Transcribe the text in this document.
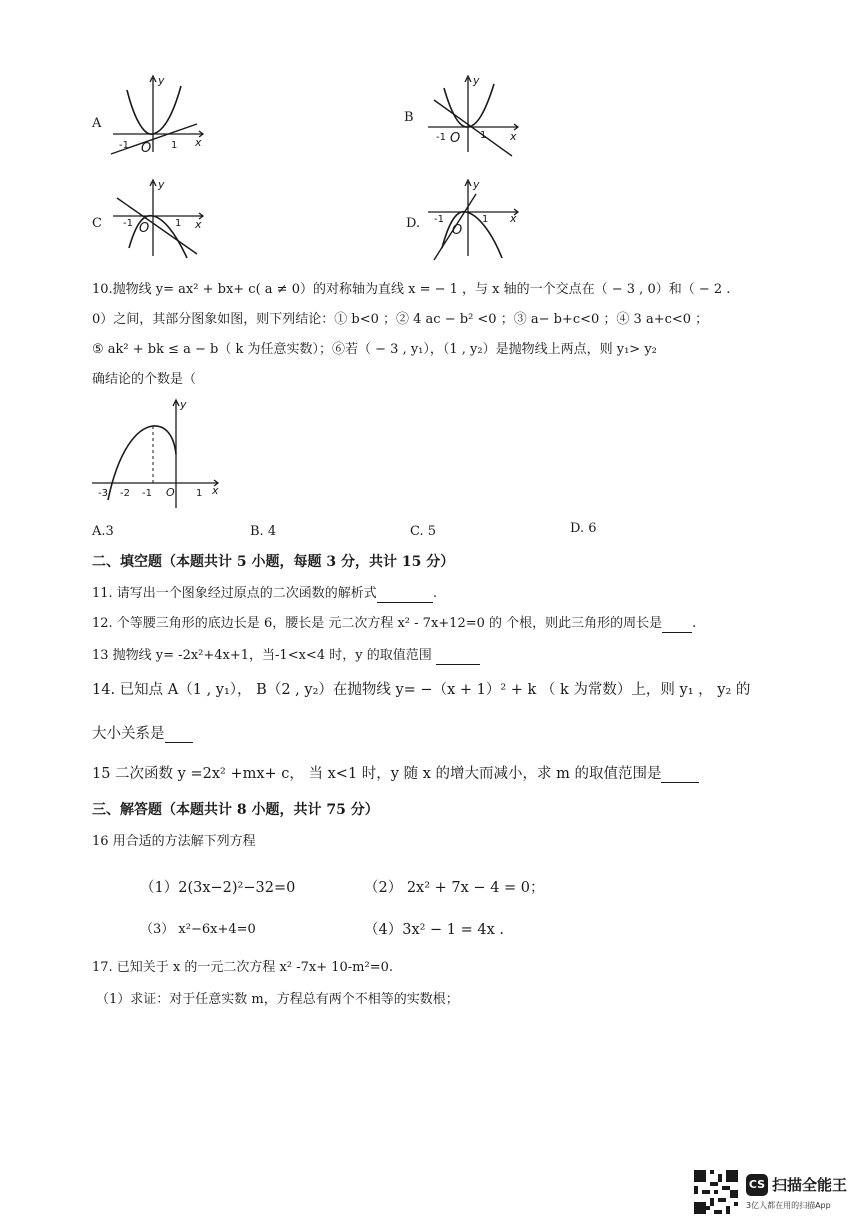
A
y
x
-1 O 1
B
y
x
-1 O 1
C
y
x
-1 O	1	D.
y
x
-1
O
1
10.抛物线 y= ax² + bx+ c( a ≠ 0）的对称轴为直线 x = − 1 ，与 x 轴的一个交点在（ − 3 , 0）和（ − 2 .
0）之间，其部分图象如图，则下列结论：① b<0 ；② 4 ac − b² <0 ；③ a− b+c<0 ；④ 3 a+c<0 ；
⑤ ak² + bk ≤ a − b（ k 为任意实数）；⑥若（ − 3 , y₁），（1 , y₂）是抛物线上两点，则 y₁> y₂
确结论的个数是（
y
x
-3 -2 -1 O 1
A.3	B. 4	C. 5	D. 6
二、填空题（本题共计 5 小题，每题 3 分，共计 15 分）
11. 请写出一个图象经过原点的二次函数的解析式	.
12. 个等腰三角形的底边长是 6，腰长是 元二次方程 x² - 7x+12=0 的 个根，则此三角形的周长是 .
13 抛物线 y= -2x²+4x+1，当-1<x<4 时，y 的取值范围
14. 已知点 A（1 , y₁）， B（2 , y₂）在抛物线 y= −（x + 1）² + k （ k 为常数）上，则 y₁ ， y₂ 的
大小关系是
15 二次函数 y =2x² +mx+ c， 当 x<1 时，y 随 x 的增大而减小，求 m 的取值范围是
三、解答题（本题共计 8 小题，共计 75 分）
16 用合适的方法解下列方程
（1）2(3x−2)²−32=0	（2） 2x² + 7x − 4 = 0；
（3） x²−6x+4=0	（4）3x² − 1 = 4x .
17. 已知关于 x 的一元二次方程 x² -7x+ 10-m²=0.
（1）求证：对于任意实数 m，方程总有两个不相等的实数根；
CS 扫描全能王
3亿人都在用的扫描App
